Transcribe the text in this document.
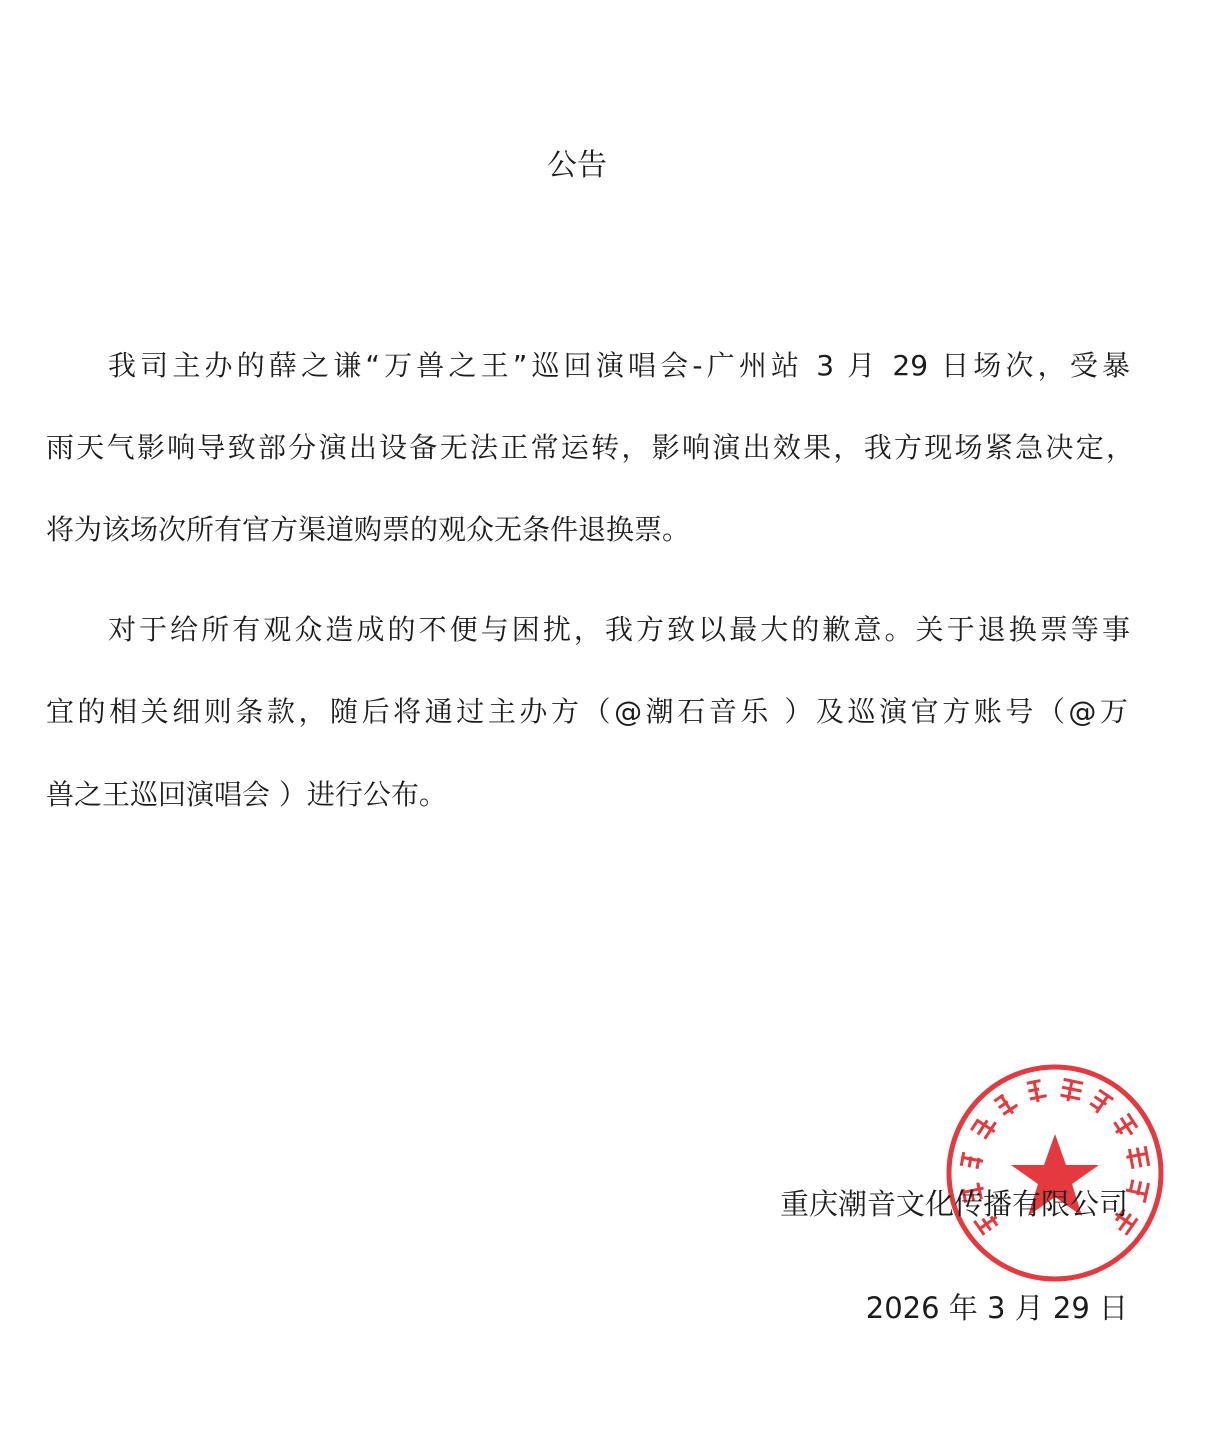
公告
我司主办的薛之谦“万兽之王”巡回演唱会-广州站 3 月 29 日场次，受暴
雨天气影响导致部分演出设备无法正常运转，影响演出效果，我方现场紧急决定，
将为该场次所有官方渠道购票的观众无条件退换票。
对于给所有观众造成的不便与困扰，我方致以最大的歉意。关于退换票等事
宜的相关细则条款，随后将通过主办方（@潮石音乐 ）及巡演官方账号（@万
兽之王巡回演唱会 ）进行公布。
重庆潮音文化传播有限公司
2026 年 3 月 29 日
